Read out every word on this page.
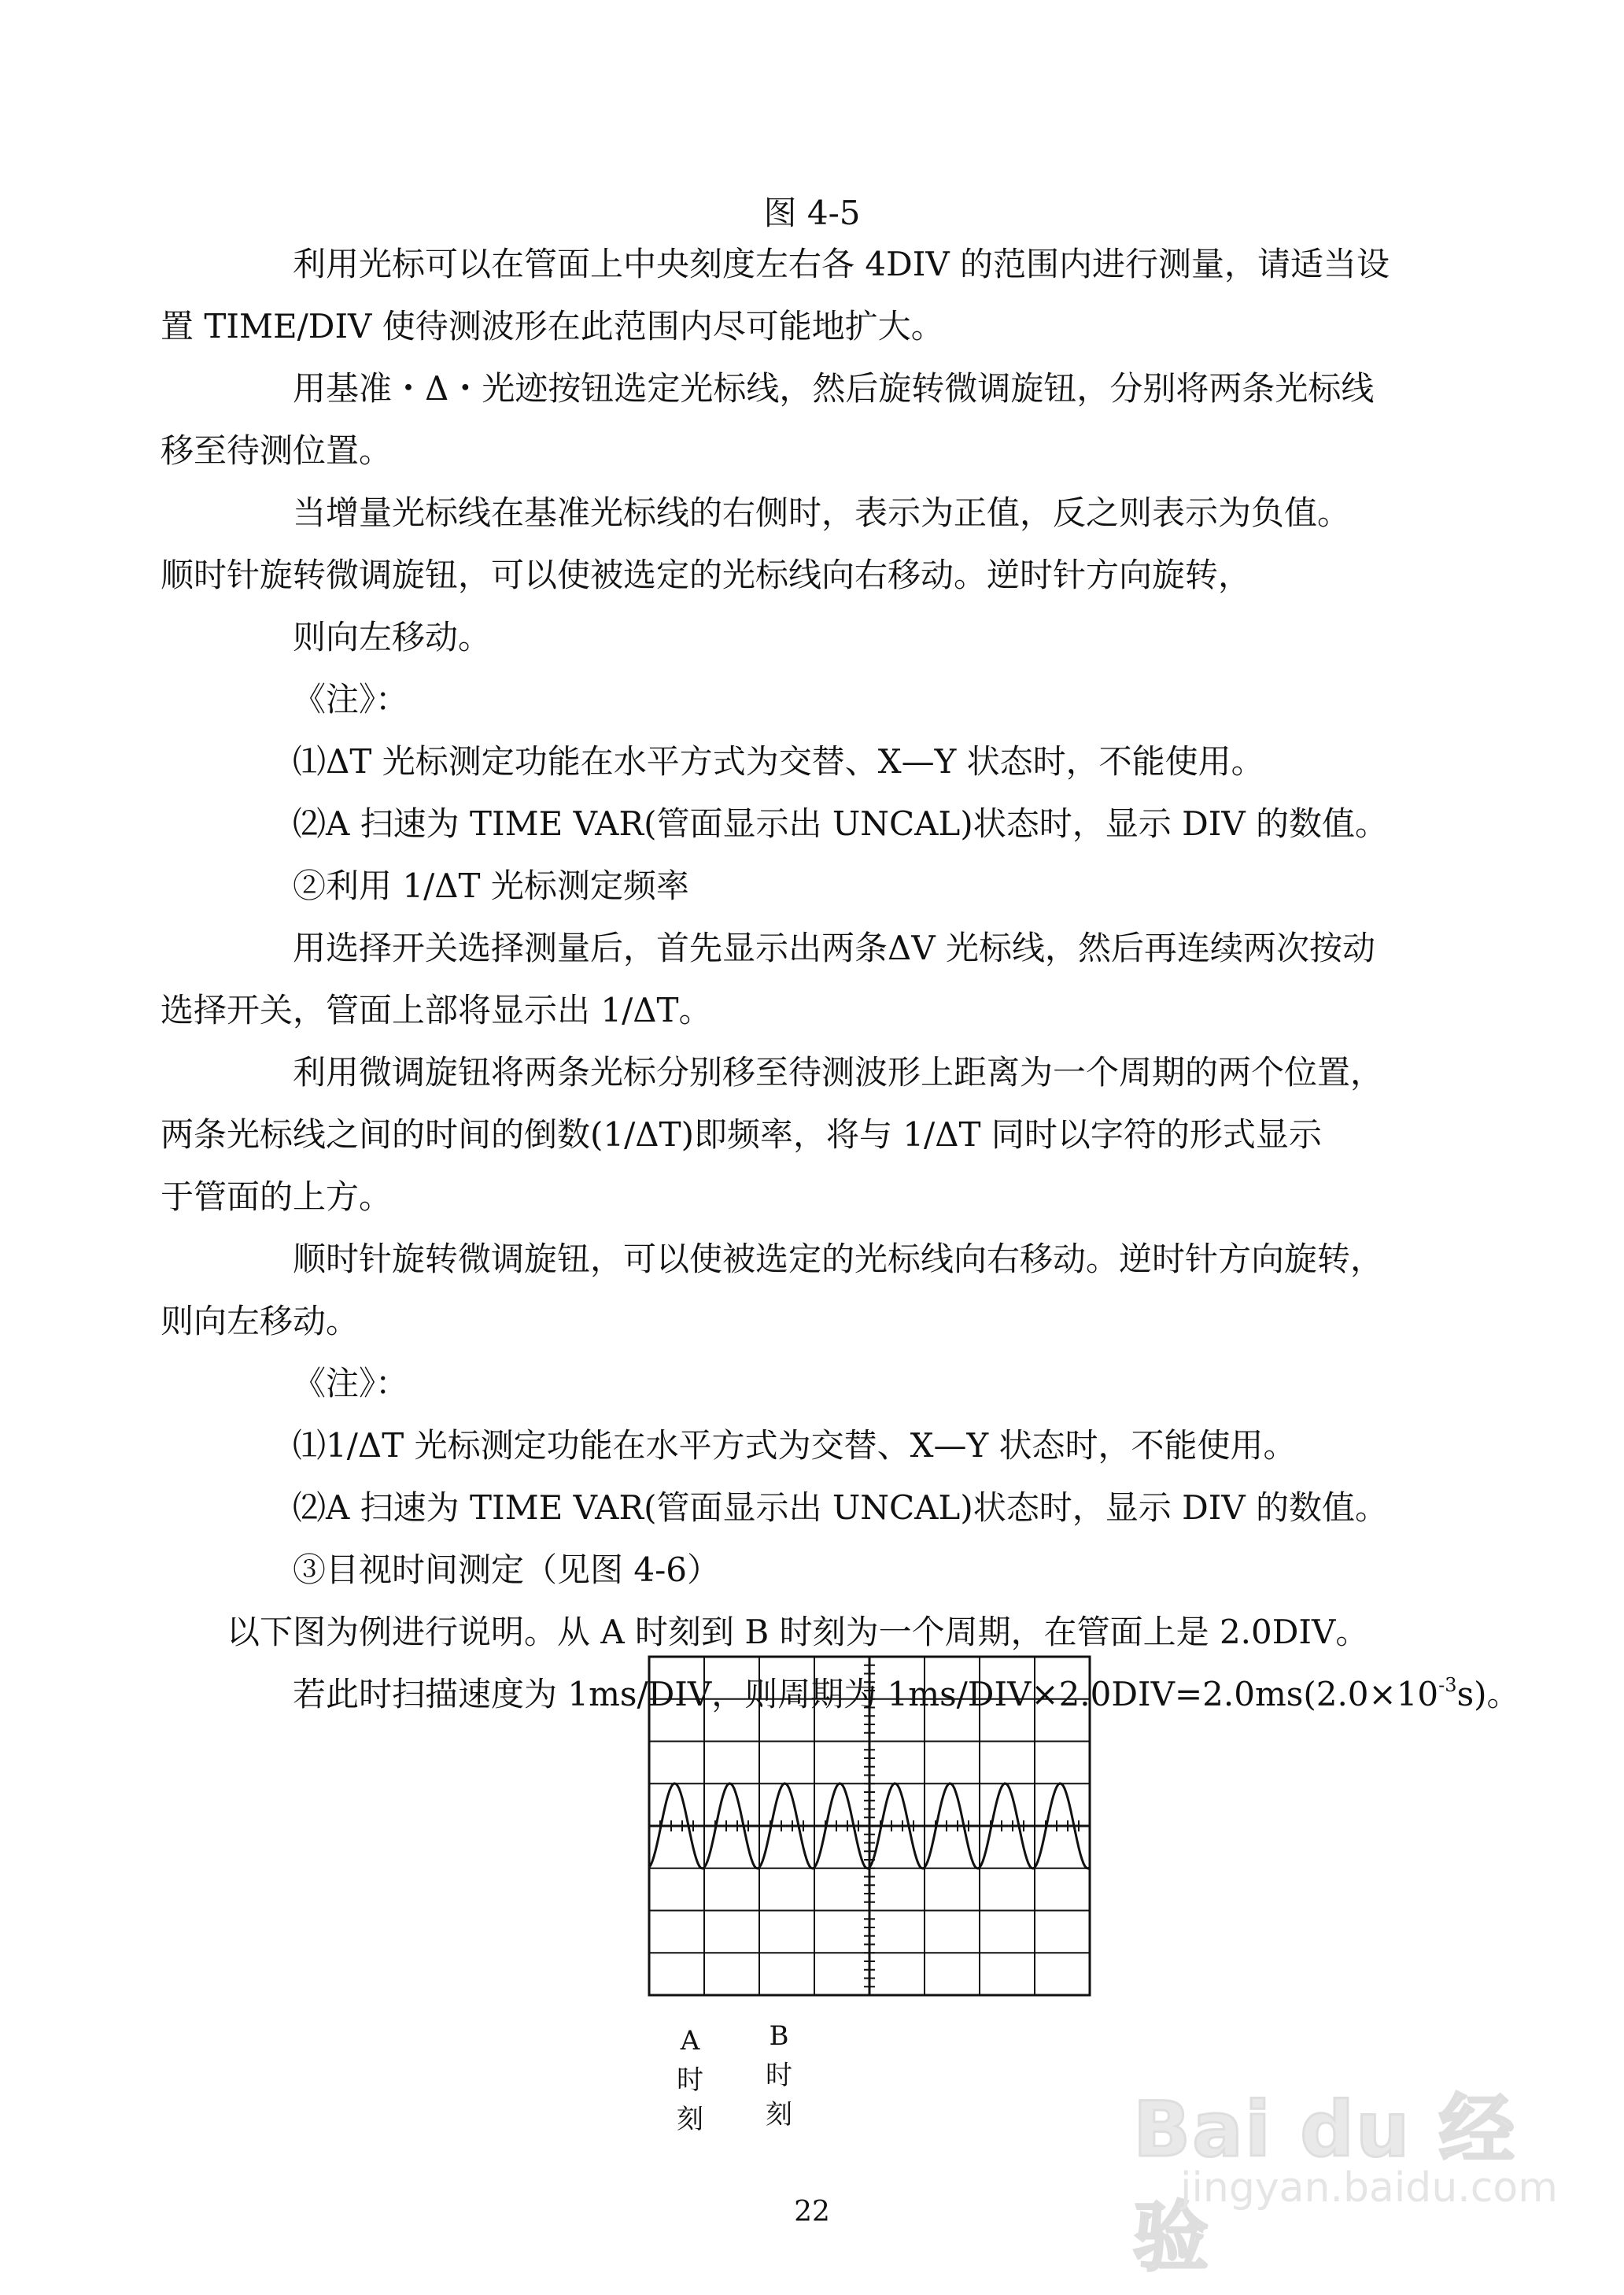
图 4-5

利用光标可以在管面上中央刻度左右各 4DIV 的范围内进行测量，请适当设
置 TIME/DIV 使待测波形在此范围内尽可能地扩大。

用基准・Δ・光迹按钮选定光标线，然后旋转微调旋钮，分别将两条光标线
移至待测位置。

当增量光标线在基准光标线的右侧时，表示为正值，反之则表示为负值。
顺时针旋转微调旋钮，可以使被选定的光标线向右移动。逆时针方向旋转，

则向左移动。

《注》：

⑴ΔT 光标测定功能在水平方式为交替、X—Y 状态时，不能使用。

⑵A 扫速为 TIME VAR(管面显示出 UNCAL)状态时，显示 DIV 的数值。

②利用 1/ΔT 光标测定频率

用选择开关选择测量后，首先显示出两条ΔV 光标线，然后再连续两次按动
选择开关，管面上部将显示出 1/ΔT。

利用微调旋钮将两条光标分别移至待测波形上距离为一个周期的两个位置，
两条光标线之间的时间的倒数(1/ΔT)即频率，将与 1/ΔT 同时以字符的形式显示
于管面的上方。

顺时针旋转微调旋钮，可以使被选定的光标线向右移动。逆时针方向旋转，
则向左移动。

《注》：

⑴1/ΔT 光标测定功能在水平方式为交替、X—Y 状态时，不能使用。

⑵A 扫速为 TIME VAR(管面显示出 UNCAL)状态时，显示 DIV 的数值。

③目视时间测定（见图 4-6）

以下图为例进行说明。从 A 时刻到 B 时刻为一个周期，在管面上是 2.0DIV。

若此时扫描速度为 1ms/DIV，则周期为 $1ms/DIV\times 2.0DIV=2.0ms(2.0\times 10^{-3}s)$。

A
时
刻
B
时
刻
22
Bai du 经验
jingyan.baidu.com
